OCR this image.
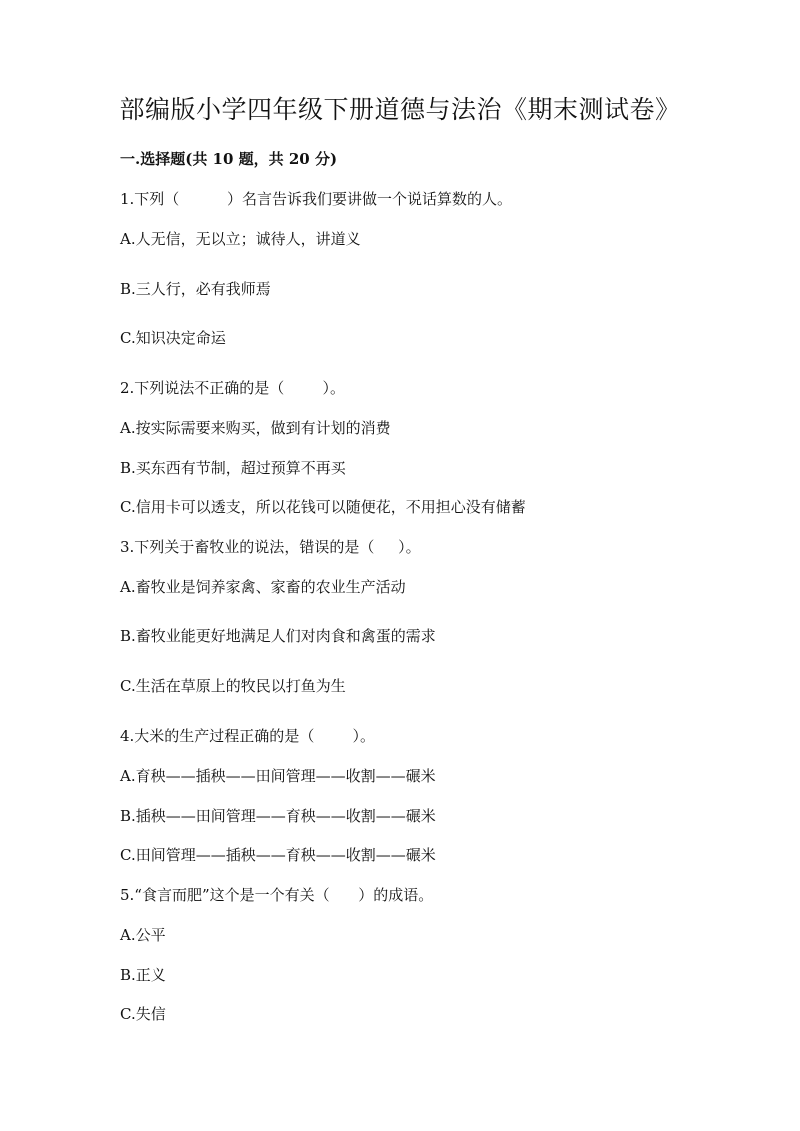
部编版小学四年级下册道德与法治《期末测试卷》
一.选择题(共 10 题，共 20 分)
1.下列（          ）名言告诉我们要讲做一个说话算数的人。
A.人无信，无以立；诚待人，讲道义
B.三人行，必有我师焉
C.知识决定命运
2.下列说法不正确的是（        ）。
A.按实际需要来购买，做到有计划的消费
B.买东西有节制，超过预算不再买
C.信用卡可以透支，所以花钱可以随便花，不用担心没有储蓄
3.下列关于畜牧业的说法，错误的是（     ）。
A.畜牧业是饲养家禽、家畜的农业生产活动
B.畜牧业能更好地满足人们对肉食和禽蛋的需求
C.生活在草原上的牧民以打鱼为生
4.大米的生产过程正确的是（        ）。
A.育秧——插秧——田间管理——收割——碾米
B.插秧——田间管理——育秧——收割——碾米
C.田间管理——插秧——育秧——收割——碾米
5.“食言而肥”这个是一个有关（      ）的成语。
A.公平
B.正义
C.失信
